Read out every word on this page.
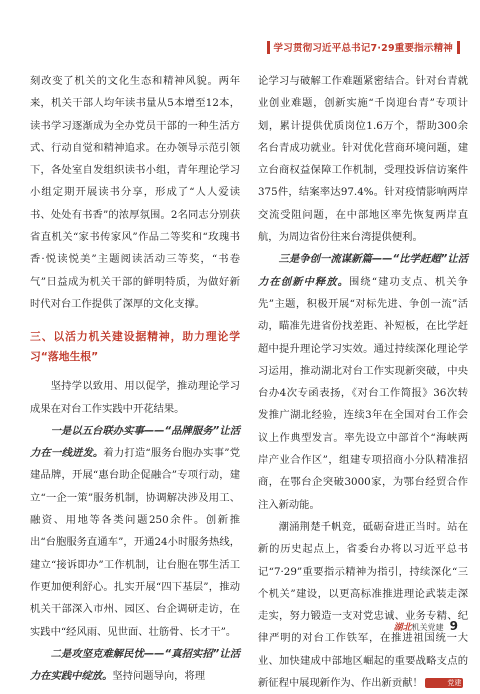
学习贯彻习近平总书记7·29重要指示精神

刻改变了机关的文化生态和精神风貌。两年来，机关干部人均年读书量从5本增至12本，读书学习逐渐成为全办党员干部的一种生活方式、行动自觉和精神追求。在办领导示范引领下，各处室自发组织读书小组，青年理论学习小组定期开展读书分享，形成了“人人爱读书、处处有书香”的浓厚氛围。2名同志分别获省直机关“家书传家风”作品二等奖和“玫瑰书香·悦读悦美”主题阅读活动三等奖，“书卷气”日益成为机关干部的鲜明特质，为做好新时代对台工作提供了深厚的文化支撑。

三、以活力机关建设据精神，助力理论学习“落地生根”

坚持学以致用、用以促学，推动理论学习成果在对台工作实践中开花结果。

一是以五台联办实事——“品牌服务”让活力在一线迸发。着力打造“服务台胞办实事”党建品牌，开展“惠台助企促融合”专项行动，建立“一企一策”服务机制，协调解决涉及用工、融资、用地等各类问题250余件。创新推出“台胞服务直通车”，开通24小时服务热线，建立“接诉即办”工作机制，让台胞在鄂生活工作更加便利舒心。扎实开展“四下基层”，推动机关干部深入市州、园区、台企调研走访，在实践中“经风雨、见世面、壮筋骨、长才干”。

二是攻坚克难解民忧——“真招实招”让活力在实践中绽放。坚持问题导向，将理

论学习与破解工作难题紧密结合。针对台青就业创业难题，创新实施“千岗迎台青”专项计划，累计提供优质岗位1.6万个，帮助300余名台青成功就业。针对优化营商环境问题，建立台商权益保障工作机制，受理投诉信访案件375件，结案率达97.4%。针对疫情影响两岸交流受阻问题，在中部地区率先恢复两岸直航，为周边省份往来台湾提供便利。

三是争创一流谋新篇——“比学赶超”让活力在创新中释放。围绕“建功支点、机关争先”主题，积极开展“对标先进、争创一流”活动，瞄准先进省份找差距、补短板，在比学赶超中提升理论学习实效。通过持续深化理论学习运用，推动湖北对台工作实现新突破，中央台办4次专函表扬，《对台工作简报》36次转发推广湖北经验，连续3年在全国对台工作会议上作典型发言。率先设立中部首个“海峡两岸产业合作区”，组建专项招商小分队精准招商，在鄂台企突破3000家，为鄂台经贸合作注入新动能。

潮涌荆楚千帆竞，砥砺奋进正当时。站在新的历史起点上，省委台办将以习近平总书记“7·29”重要指示精神为指引，持续深化“三个机关”建设，以更高标准推进理论武装走深走实，努力锻造一支对党忠诚、业务专精、纪律严明的对台工作铁军，在推进祖国统一大业、加快建成中部地区崛起的重要战略支点的新征程中展现新作为、作出新贡献！	党建

湖北机关党建 9
